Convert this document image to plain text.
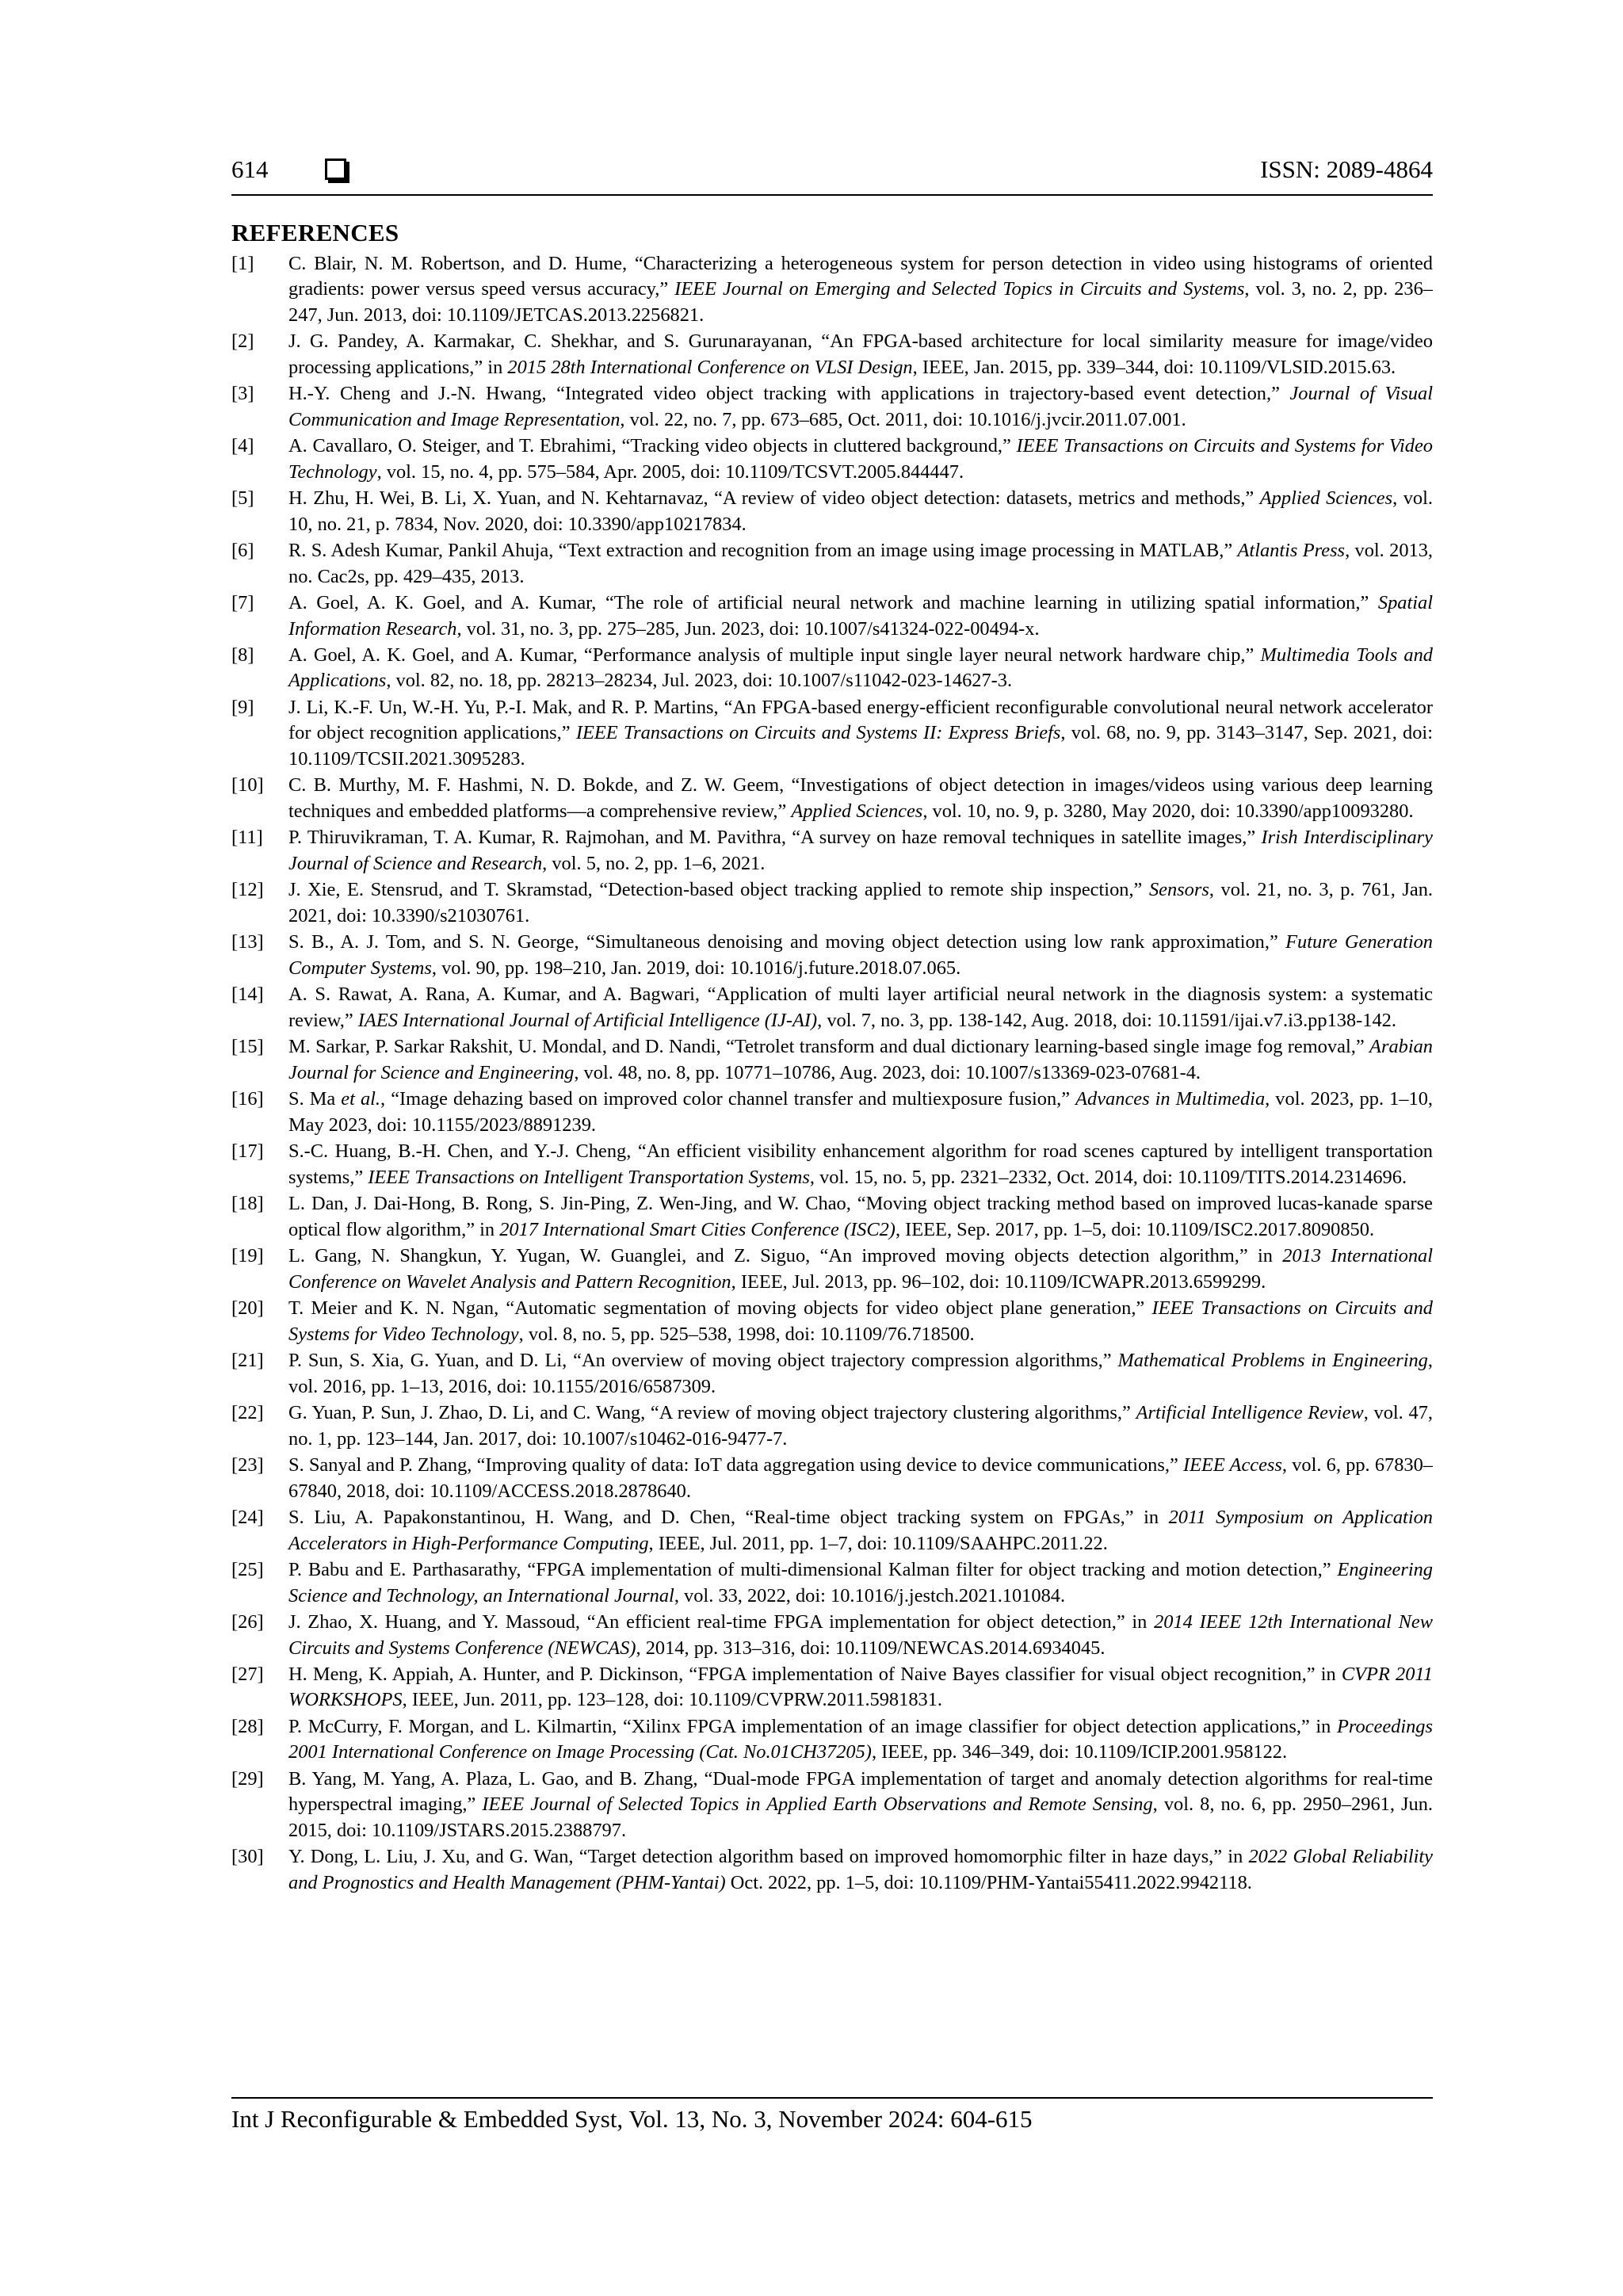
614	ISSN: 2089-4864
REFERENCES
[1] C. Blair, N. M. Robertson, and D. Hume, “Characterizing a heterogeneous system for person detection in video using histograms of oriented gradients: power versus speed versus accuracy,” IEEE Journal on Emerging and Selected Topics in Circuits and Systems, vol. 3, no. 2, pp. 236–247, Jun. 2013, doi: 10.1109/JETCAS.2013.2256821.
[2] J. G. Pandey, A. Karmakar, C. Shekhar, and S. Gurunarayanan, “An FPGA-based architecture for local similarity measure for image/video processing applications,” in 2015 28th International Conference on VLSI Design, IEEE, Jan. 2015, pp. 339–344, doi: 10.1109/VLSID.2015.63.
[3] H.-Y. Cheng and J.-N. Hwang, “Integrated video object tracking with applications in trajectory-based event detection,” Journal of Visual Communication and Image Representation, vol. 22, no. 7, pp. 673–685, Oct. 2011, doi: 10.1016/j.jvcir.2011.07.001.
[4] A. Cavallaro, O. Steiger, and T. Ebrahimi, “Tracking video objects in cluttered background,” IEEE Transactions on Circuits and Systems for Video Technology, vol. 15, no. 4, pp. 575–584, Apr. 2005, doi: 10.1109/TCSVT.2005.844447.
[5] H. Zhu, H. Wei, B. Li, X. Yuan, and N. Kehtarnavaz, “A review of video object detection: datasets, metrics and methods,” Applied Sciences, vol. 10, no. 21, p. 7834, Nov. 2020, doi: 10.3390/app10217834.
[6] R. S. Adesh Kumar, Pankil Ahuja, “Text extraction and recognition from an image using image processing in MATLAB,” Atlantis Press, vol. 2013, no. Cac2s, pp. 429–435, 2013.
[7] A. Goel, A. K. Goel, and A. Kumar, “The role of artificial neural network and machine learning in utilizing spatial information,” Spatial Information Research, vol. 31, no. 3, pp. 275–285, Jun. 2023, doi: 10.1007/s41324-022-00494-x.
[8] A. Goel, A. K. Goel, and A. Kumar, “Performance analysis of multiple input single layer neural network hardware chip,” Multimedia Tools and Applications, vol. 82, no. 18, pp. 28213–28234, Jul. 2023, doi: 10.1007/s11042-023-14627-3.
[9] J. Li, K.-F. Un, W.-H. Yu, P.-I. Mak, and R. P. Martins, “An FPGA-based energy-efficient reconfigurable convolutional neural network accelerator for object recognition applications,” IEEE Transactions on Circuits and Systems II: Express Briefs, vol. 68, no. 9, pp. 3143–3147, Sep. 2021, doi: 10.1109/TCSII.2021.3095283.
[10] C. B. Murthy, M. F. Hashmi, N. D. Bokde, and Z. W. Geem, “Investigations of object detection in images/videos using various deep learning techniques and embedded platforms—a comprehensive review,” Applied Sciences, vol. 10, no. 9, p. 3280, May 2020, doi: 10.3390/app10093280.
[11] P. Thiruvikraman, T. A. Kumar, R. Rajmohan, and M. Pavithra, “A survey on haze removal techniques in satellite images,” Irish Interdisciplinary Journal of Science and Research, vol. 5, no. 2, pp. 1–6, 2021.
[12] J. Xie, E. Stensrud, and T. Skramstad, “Detection-based object tracking applied to remote ship inspection,” Sensors, vol. 21, no. 3, p. 761, Jan. 2021, doi: 10.3390/s21030761.
[13] S. B., A. J. Tom, and S. N. George, “Simultaneous denoising and moving object detection using low rank approximation,” Future Generation Computer Systems, vol. 90, pp. 198–210, Jan. 2019, doi: 10.1016/j.future.2018.07.065.
[14] A. S. Rawat, A. Rana, A. Kumar, and A. Bagwari, “Application of multi layer artificial neural network in the diagnosis system: a systematic review,” IAES International Journal of Artificial Intelligence (IJ-AI), vol. 7, no. 3, pp. 138-142, Aug. 2018, doi: 10.11591/ijai.v7.i3.pp138-142.
[15] M. Sarkar, P. Sarkar Rakshit, U. Mondal, and D. Nandi, “Tetrolet transform and dual dictionary learning-based single image fog removal,” Arabian Journal for Science and Engineering, vol. 48, no. 8, pp. 10771–10786, Aug. 2023, doi: 10.1007/s13369-023-07681-4.
[16] S. Ma et al., “Image dehazing based on improved color channel transfer and multiexposure fusion,” Advances in Multimedia, vol. 2023, pp. 1–10, May 2023, doi: 10.1155/2023/8891239.
[17] S.-C. Huang, B.-H. Chen, and Y.-J. Cheng, “An efficient visibility enhancement algorithm for road scenes captured by intelligent transportation systems,” IEEE Transactions on Intelligent Transportation Systems, vol. 15, no. 5, pp. 2321–2332, Oct. 2014, doi: 10.1109/TITS.2014.2314696.
[18] L. Dan, J. Dai-Hong, B. Rong, S. Jin-Ping, Z. Wen-Jing, and W. Chao, “Moving object tracking method based on improved lucas-kanade sparse optical flow algorithm,” in 2017 International Smart Cities Conference (ISC2), IEEE, Sep. 2017, pp. 1–5, doi: 10.1109/ISC2.2017.8090850.
[19] L. Gang, N. Shangkun, Y. Yugan, W. Guanglei, and Z. Siguo, “An improved moving objects detection algorithm,” in 2013 International Conference on Wavelet Analysis and Pattern Recognition, IEEE, Jul. 2013, pp. 96–102, doi: 10.1109/ICWAPR.2013.6599299.
[20] T. Meier and K. N. Ngan, “Automatic segmentation of moving objects for video object plane generation,” IEEE Transactions on Circuits and Systems for Video Technology, vol. 8, no. 5, pp. 525–538, 1998, doi: 10.1109/76.718500.
[21] P. Sun, S. Xia, G. Yuan, and D. Li, “An overview of moving object trajectory compression algorithms,” Mathematical Problems in Engineering, vol. 2016, pp. 1–13, 2016, doi: 10.1155/2016/6587309.
[22] G. Yuan, P. Sun, J. Zhao, D. Li, and C. Wang, “A review of moving object trajectory clustering algorithms,” Artificial Intelligence Review, vol. 47, no. 1, pp. 123–144, Jan. 2017, doi: 10.1007/s10462-016-9477-7.
[23] S. Sanyal and P. Zhang, “Improving quality of data: IoT data aggregation using device to device communications,” IEEE Access, vol. 6, pp. 67830–67840, 2018, doi: 10.1109/ACCESS.2018.2878640.
[24] S. Liu, A. Papakonstantinou, H. Wang, and D. Chen, “Real-time object tracking system on FPGAs,” in 2011 Symposium on Application Accelerators in High-Performance Computing, IEEE, Jul. 2011, pp. 1–7, doi: 10.1109/SAAHPC.2011.22.
[25] P. Babu and E. Parthasarathy, “FPGA implementation of multi-dimensional Kalman filter for object tracking and motion detection,” Engineering Science and Technology, an International Journal, vol. 33, 2022, doi: 10.1016/j.jestch.2021.101084.
[26] J. Zhao, X. Huang, and Y. Massoud, “An efficient real-time FPGA implementation for object detection,” in 2014 IEEE 12th International New Circuits and Systems Conference (NEWCAS), 2014, pp. 313–316, doi: 10.1109/NEWCAS.2014.6934045.
[27] H. Meng, K. Appiah, A. Hunter, and P. Dickinson, “FPGA implementation of Naive Bayes classifier for visual object recognition,” in CVPR 2011 WORKSHOPS, IEEE, Jun. 2011, pp. 123–128, doi: 10.1109/CVPRW.2011.5981831.
[28] P. McCurry, F. Morgan, and L. Kilmartin, “Xilinx FPGA implementation of an image classifier for object detection applications,” in Proceedings 2001 International Conference on Image Processing (Cat. No.01CH37205), IEEE, pp. 346–349, doi: 10.1109/ICIP.2001.958122.
[29] B. Yang, M. Yang, A. Plaza, L. Gao, and B. Zhang, “Dual-mode FPGA implementation of target and anomaly detection algorithms for real-time hyperspectral imaging,” IEEE Journal of Selected Topics in Applied Earth Observations and Remote Sensing, vol. 8, no. 6, pp. 2950–2961, Jun. 2015, doi: 10.1109/JSTARS.2015.2388797.
[30] Y. Dong, L. Liu, J. Xu, and G. Wan, “Target detection algorithm based on improved homomorphic filter in haze days,” in 2022 Global Reliability and Prognostics and Health Management (PHM-Yantai) Oct. 2022, pp. 1–5, doi: 10.1109/PHM-Yantai55411.2022.9942118.
Int J Reconfigurable & Embedded Syst, Vol. 13, No. 3, November 2024: 604-615
